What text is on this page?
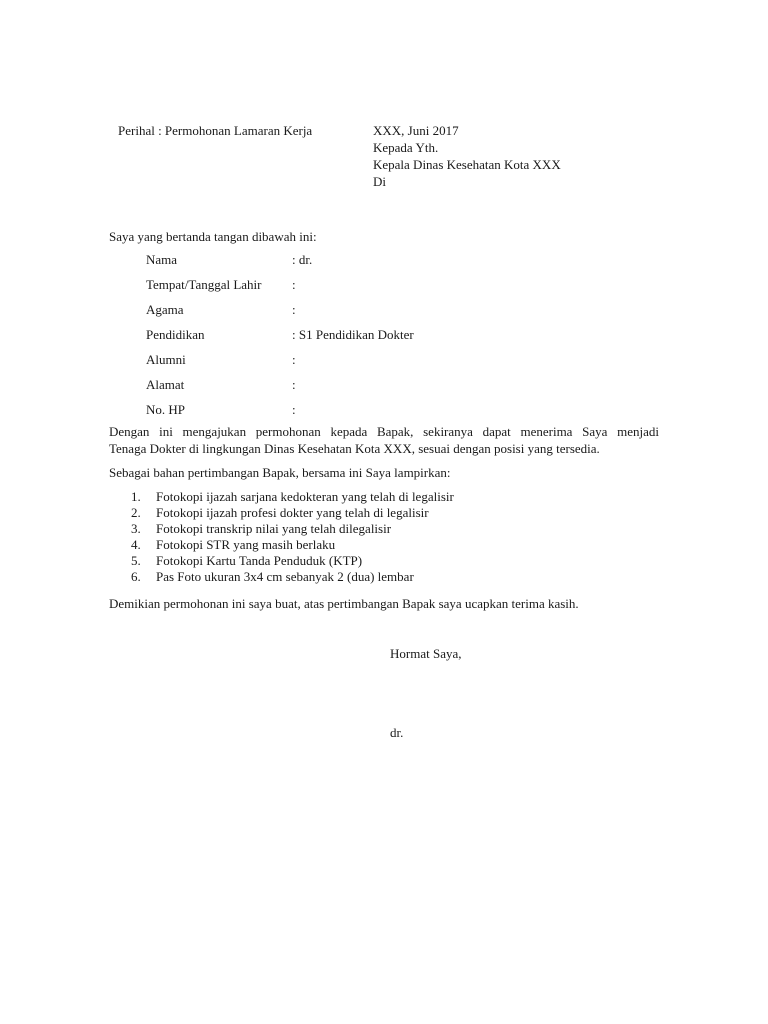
Perihal : Permohonan Lamaran Kerja	XXX, Juni 2017
Kepada Yth.
Kepala Dinas Kesehatan Kota XXX
Di
Saya yang bertanda tangan dibawah ini:
Nama	: dr.
Tempat/Tanggal Lahir :
Agama	:
Pendidikan	: S1 Pendidikan Dokter
Alumni	:
Alamat	:
No. HP	:
Dengan ini mengajukan permohonan kepada Bapak, sekiranya dapat menerima Saya menjadi
Tenaga Dokter di lingkungan Dinas Kesehatan Kota XXX, sesuai dengan posisi yang tersedia.
Sebagai bahan pertimbangan Bapak, bersama ini Saya lampirkan:
1. Fotokopi ijazah sarjana kedokteran yang telah di legalisir
2. Fotokopi ijazah profesi dokter yang telah di legalisir
3. Fotokopi transkrip nilai yang telah dilegalisir
4. Fotokopi STR yang masih berlaku
5. Fotokopi Kartu Tanda Penduduk (KTP)
6. Pas Foto ukuran 3x4 cm sebanyak 2 (dua) lembar
Demikian permohonan ini saya buat, atas pertimbangan Bapak saya ucapkan terima kasih.
Hormat Saya,
dr.
